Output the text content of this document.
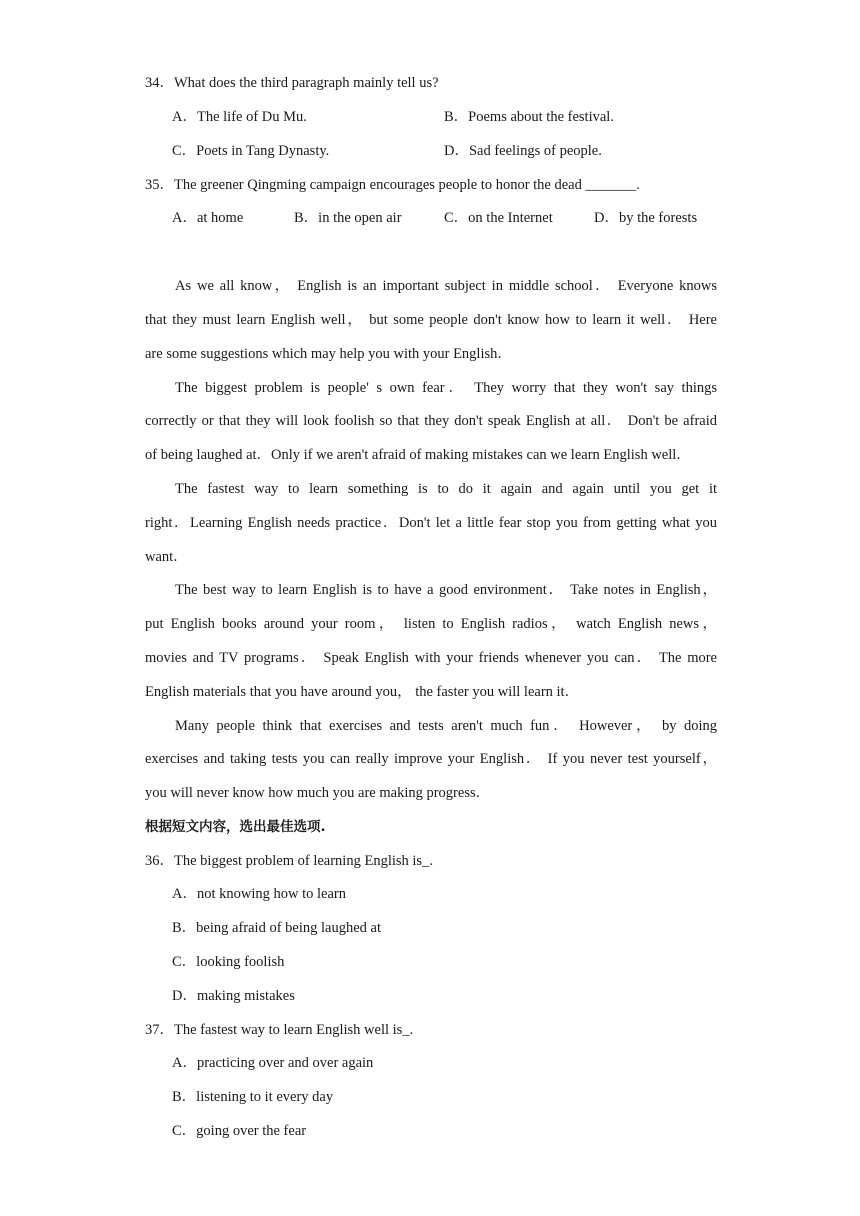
34．What does the third paragraph mainly tell us?
A．The life of Du Mu.	B．Poems about the festival.
C．Poets in Tang Dynasty.	D．Sad feelings of people.
35．The greener Qingming campaign encourages people to honor the dead _______.
A．at home	B．in the open air	C．on the Internet	D．by the forests
As we all know， English is an important subject in middle school． Everyone knows
that they must learn English well， but some people don't know how to learn it well． Here
are some suggestions which may help you with your English．
The biggest problem is people' s own fear． They worry that they won't say things
correctly or that they will look foolish so that they don't speak English at all． Don't be afraid
of being laughed at．Only if we aren't afraid of making mistakes can we learn English well．
The fastest way to learn something is to do it again and again until you get it
right．Learning English needs practice．Don't let a little fear stop you from getting what you
want．
The best way to learn English is to have a good environment． Take notes in English，
put English books around your room， listen to English radios， watch English news，
movies and TV programs． Speak English with your friends whenever you can． The more
English materials that you have around you， the faster you will learn it．
Many people think that exercises and tests aren't much fun． However， by doing
exercises and taking tests you can really improve your English． If you never test yourself，
you will never know how much you are making progress．
根据短文内容，选出最佳选项.
36．The biggest problem of learning English is_.
A．not knowing how to learn
B．being afraid of being laughed at
C．looking foolish
D．making mistakes
37．The fastest way to learn English well is_.
A．practicing over and over again
B．listening to it every day
C．going over the fear
